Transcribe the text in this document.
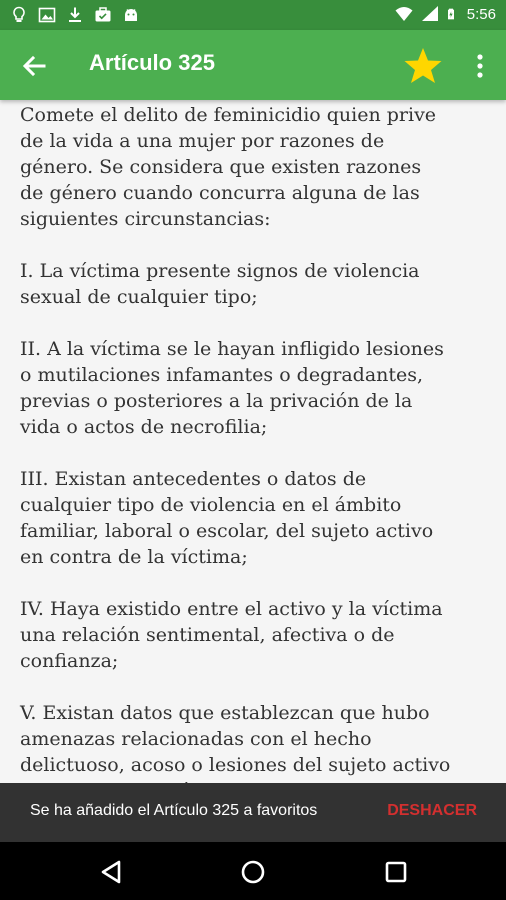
5:56
Artículo 325
Comete el delito de feminicidio quien prive
de la vida a una mujer por razones de
género. Se considera que existen razones
de género cuando concurra alguna de las
siguientes circunstancias:
I. La víctima presente signos de violencia
sexual de cualquier tipo;
II. A la víctima se le hayan infligido lesiones
o mutilaciones infamantes o degradantes,
previas o posteriores a la privación de la
vida o actos de necrofilia;
III. Existan antecedentes o datos de
cualquier tipo de violencia en el ámbito
familiar, laboral o escolar, del sujeto activo
en contra de la víctima;
IV. Haya existido entre el activo y la víctima
una relación sentimental, afectiva o de
confianza;
V. Existan datos que establezcan que hubo
amenazas relacionadas con el hecho
delictuoso, acoso o lesiones del sujeto activo
Se ha añadido el Artículo 325 a favoritos	DESHACER
